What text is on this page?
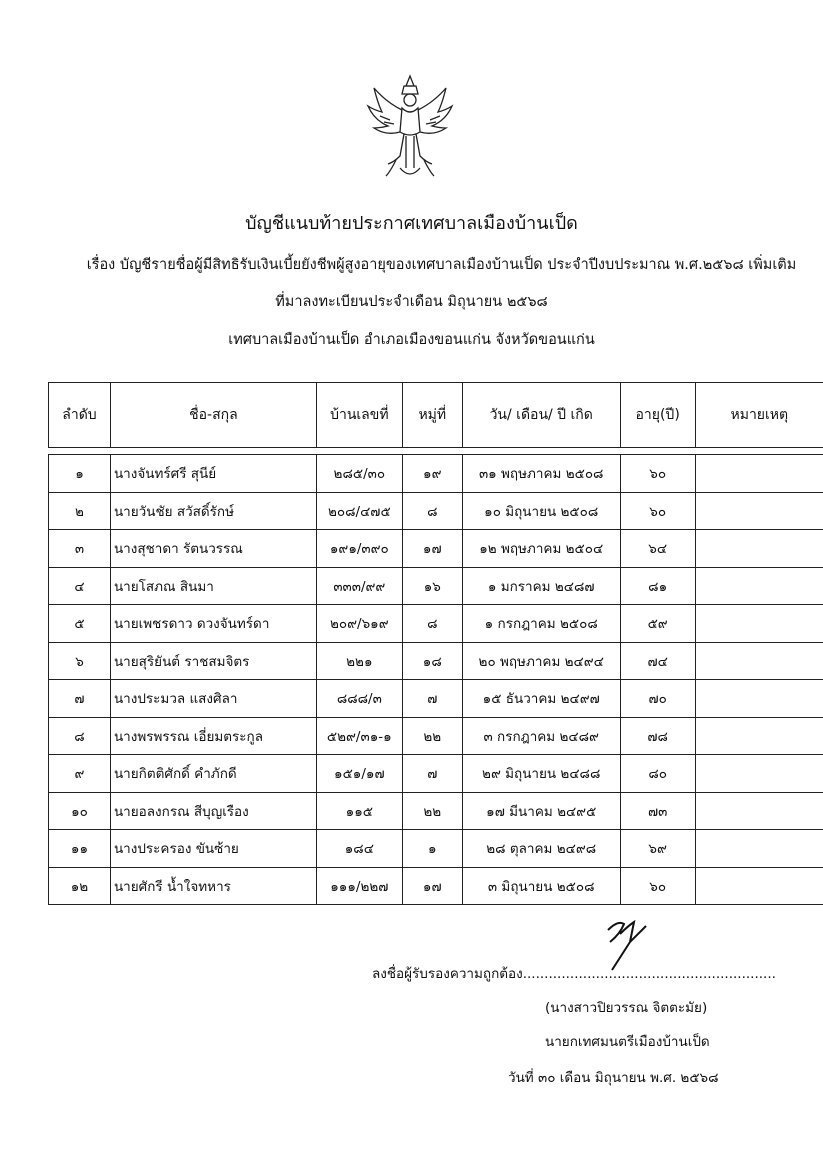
บัญชีแนบท้ายประกาศเทศบาลเมืองบ้านเป็ด
เรื่อง บัญชีรายชื่อผู้มีสิทธิรับเงินเบี้ยยังชีพผู้สูงอายุของเทศบาลเมืองบ้านเป็ด ประจำปีงบประมาณ พ.ศ.๒๕๖๘ เพิ่มเติม
ที่มาลงทะเบียนประจำเดือน มิถุนายน ๒๕๖๘
เทศบาลเมืองบ้านเป็ด อำเภอเมืองขอนแก่น จังหวัดขอนแก่น
ลำดับ	ชื่อ-สกุล	บ้านเลขที่	หมู่ที่	วัน/ เดือน/ ปี เกิด	อายุ(ปี)	หมายเหตุ

๑	นางจันทร์ศรี สุนีย์	๒๘๕/๓๐	๑๙	๓๑ พฤษภาคม ๒๕๐๘	๖๐	
๒	นายวันชัย สวัสดิ์รักษ์	๒๐๘/๔๗๕	๘	๑๐ มิถุนายน ๒๕๐๘	๖๐	
๓	นางสุชาดา รัตนวรรณ	๑๙๑/๓๙๐	๑๗	๑๒ พฤษภาคม ๒๕๐๔	๖๔	
๔	นายโสภณ สินมา	๓๓๓/๙๙	๑๖	๑ มกราคม ๒๔๘๗	๘๑	
๕	นายเพชรดาว ดวงจันทร์ดา	๒๐๙/๖๑๙	๘	๑ กรกฎาคม ๒๕๐๘	๕๙	
๖	นายสุริยันต์ ราชสมจิตร	๒๒๑	๑๘	๒๐ พฤษภาคม ๒๔๙๔	๗๔	
๗	นางประมวล แสงศิลา	๘๘๘/๓	๗	๑๕ ธันวาคม ๒๔๙๗	๗๐	
๘	นางพรพรรณ เอี่ยมตระกูล	๕๒๙/๓๑-๑	๒๒	๓ กรกฎาคม ๒๔๘๙	๗๘	
๙	นายกิตติศักดิ์ คำภักดี	๑๕๑/๑๗	๗	๒๙ มิถุนายน ๒๔๘๘	๘๐	
๑๐	นายอลงกรณ สีบุญเรือง	๑๑๕	๒๒	๑๗ มีนาคม ๒๔๙๕	๗๓	
๑๑	นางประครอง ขันซ้าย	๑๘๔	๑	๒๘ ตุลาคม ๒๔๙๘	๖๙	
๑๒	นายศักรี น้ำใจทหาร	๑๑๑/๒๒๗	๑๗	๓ มิถุนายน ๒๕๐๘	๖๐	
ลงชื่อผู้รับรองความถูกต้อง...........................................................
(นางสาวปิยวรรณ จิตตะมัย)
นายกเทศมนตรีเมืองบ้านเป็ด
วันที่ ๓๐ เดือน มิถุนายน พ.ศ. ๒๕๖๘
